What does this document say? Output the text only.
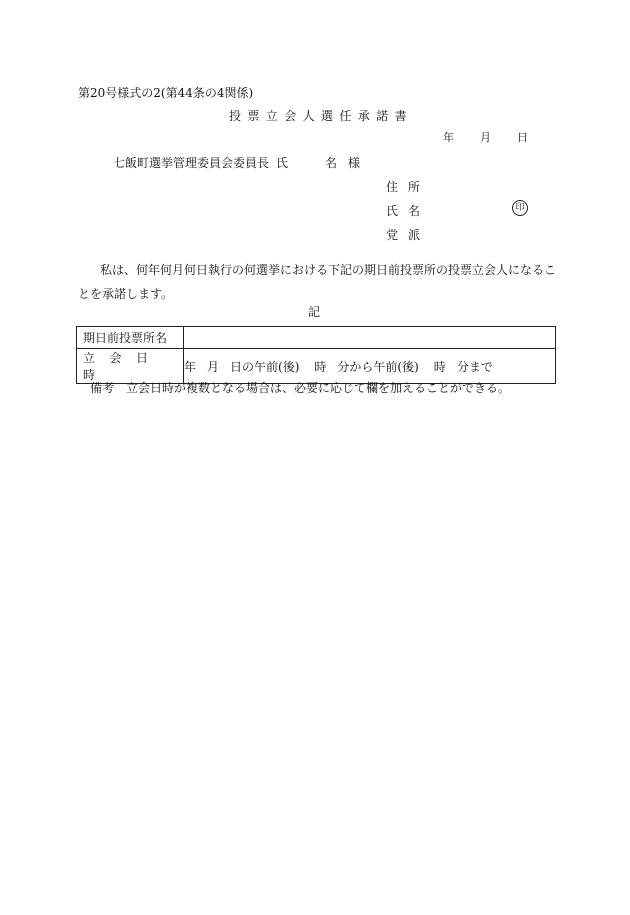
第20号様式の2(第44条の4関係)
投票立会人選任承諾書
年 月 日
七飯町選挙管理委員会委員長 氏	名 様
住所
氏名	印
党派
私は、何年何月何日執行の何選挙における下記の期日前投票所の投票立会人になるこ
とを承諾します。
記
期日前投票所名	
立会日時	年 月 日の午前(後) 時 分から午前(後) 時 分まで
備考　立会日時が複数となる場合は、必要に応じて欄を加えることができる。
